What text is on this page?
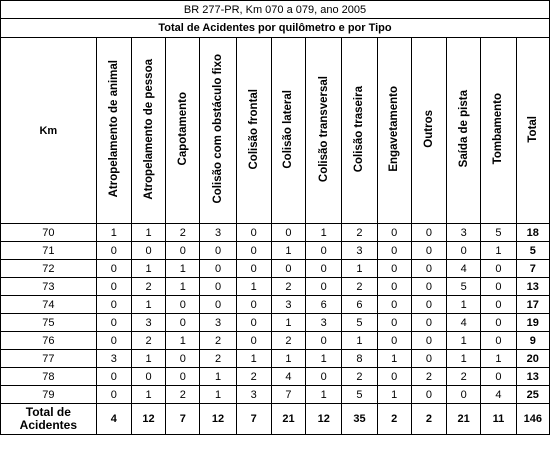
BR 277-PR, Km 070 a 079, ano 2005													
Total de Acidentes por quilômetro e por Tipo													
Km	Atropelamento de animal	Atropelamento de pessoa	Capotamento	Colisão com obstáculo fixo	Colisão frontal	Colisão lateral	Colisão transversal	Colisão traseira	Engavetamento	Outros	Saída de pista	Tombamento	Total
70	1	1	2	3	0	0	1	2	0	0	3	5	18
71	0	0	0	0	0	1	0	3	0	0	0	1	5
72	0	1	1	0	0	0	0	1	0	0	4	0	7
73	0	2	1	0	1	2	0	2	0	0	5	0	13
74	0	1	0	0	0	3	6	6	0	0	1	0	17
75	0	3	0	3	0	1	3	5	0	0	4	0	19
76	0	2	1	2	0	2	0	1	0	0	1	0	9
77	3	1	0	2	1	1	1	8	1	0	1	1	20
78	0	0	0	1	2	4	0	2	0	2	2	0	13
79	0	1	2	1	3	7	1	5	1	0	0	4	25

Total de
Acidentes	4	12	7	12	7	21	12	35	2	2	21	11	146
